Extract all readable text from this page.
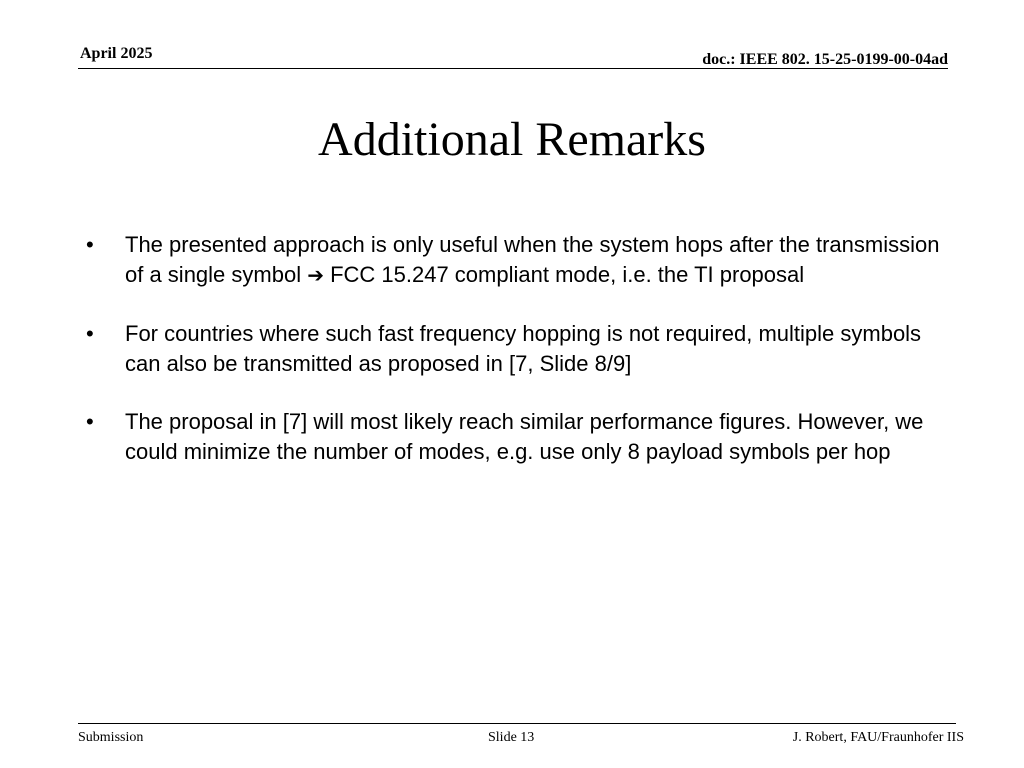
April 2025	doc.: IEEE 802. 15-25-0199-00-04ad
Additional Remarks
• The presented approach is only useful when the system hops after the transmission of a single symbol ➔ FCC 15.247 compliant mode, i.e. the TI proposal
• For countries where such fast frequency hopping is not required, multiple symbols can also be transmitted as proposed in [7, Slide 8/9]
• The proposal in [7] will most likely reach similar performance figures. However, we could minimize the number of modes, e.g. use only 8 payload symbols per hop
Submission	Slide 13	J. Robert, FAU/Fraunhofer IIS
